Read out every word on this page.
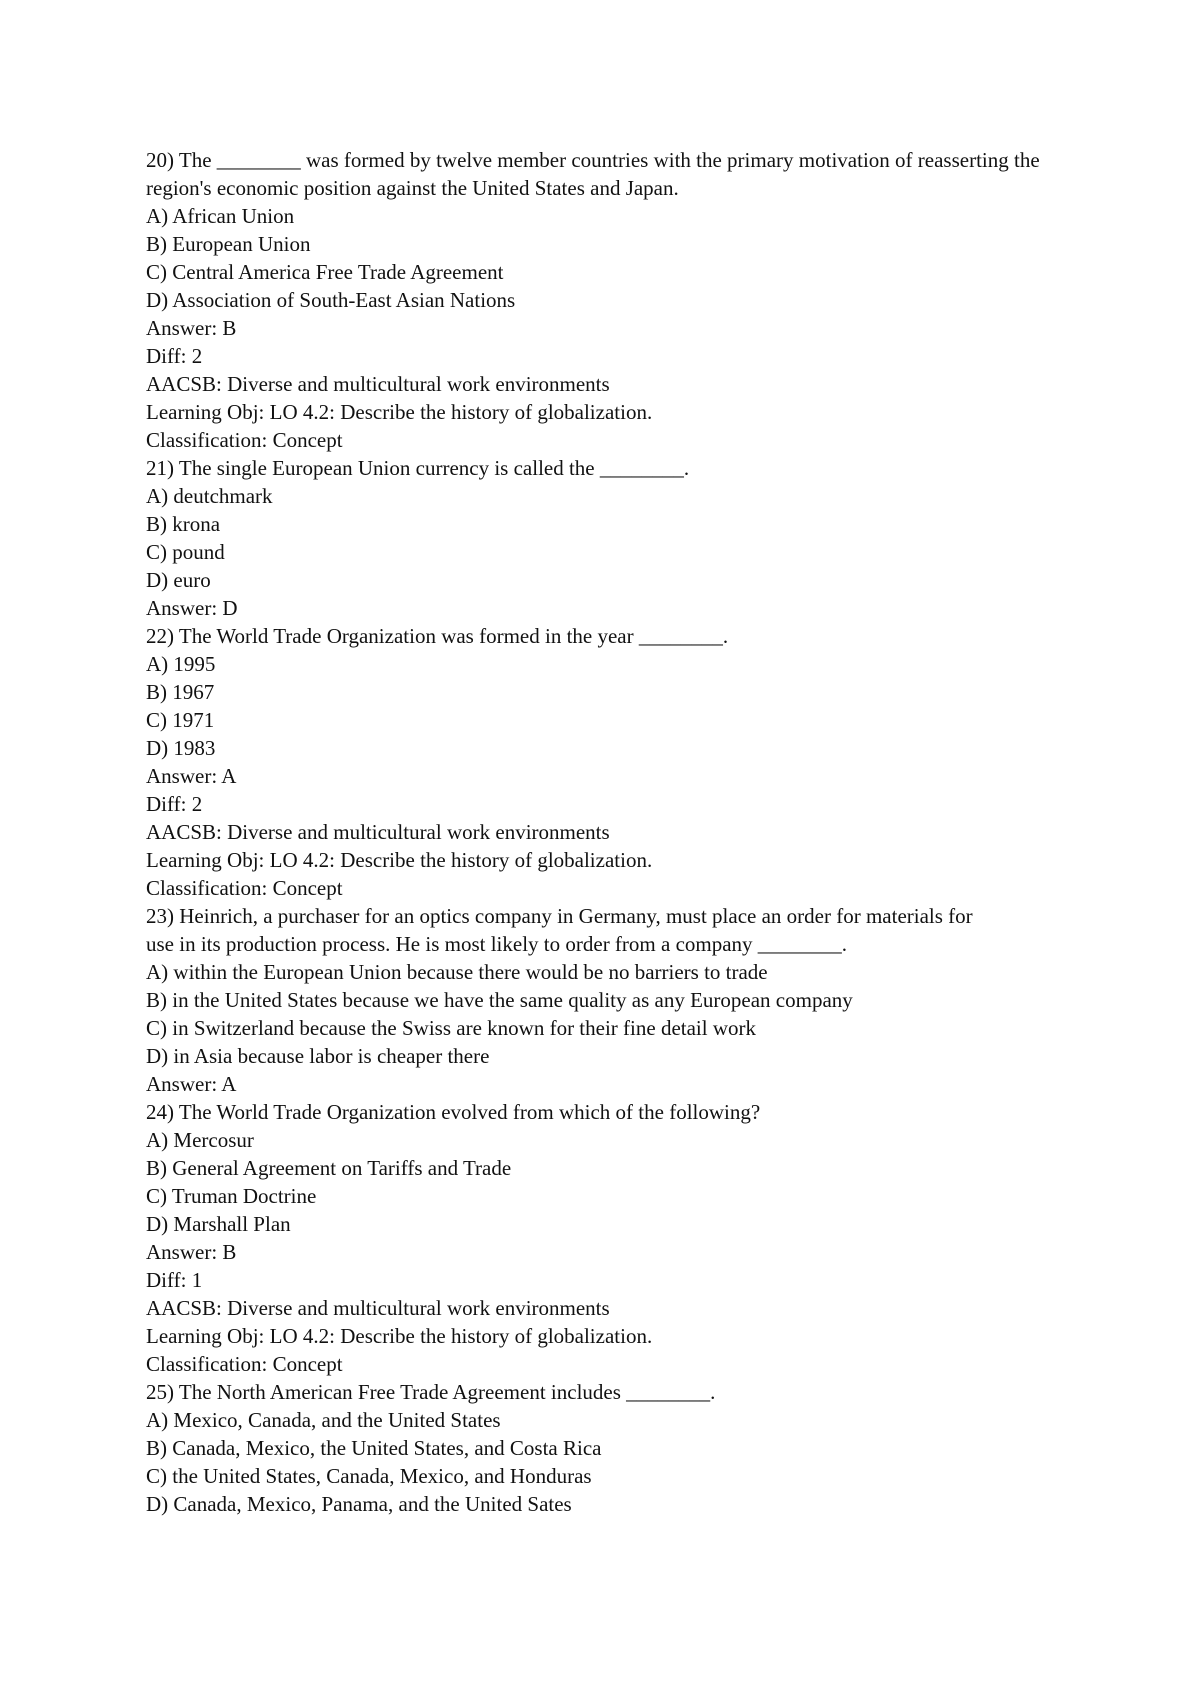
20) The ________ was formed by twelve member countries with the primary motivation of reasserting the region's economic position against the United States and Japan.
A) African Union
B) European Union
C) Central America Free Trade Agreement
D) Association of South-East Asian Nations
Answer: B
Diff: 2
AACSB: Diverse and multicultural work environments
Learning Obj: LO 4.2: Describe the history of globalization.
Classification: Concept
21) The single European Union currency is called the ________.
A) deutchmark
B) krona
C) pound
D) euro
Answer: D
22) The World Trade Organization was formed in the year ________.
A) 1995
B) 1967
C) 1971
D) 1983
Answer: A
Diff: 2
AACSB: Diverse and multicultural work environments
Learning Obj: LO 4.2: Describe the history of globalization.
Classification: Concept
23) Heinrich, a purchaser for an optics company in Germany, must place an order for materials for
use in its production process. He is most likely to order from a company ________.
A) within the European Union because there would be no barriers to trade
B) in the United States because we have the same quality as any European company
C) in Switzerland because the Swiss are known for their fine detail work
D) in Asia because labor is cheaper there
Answer: A
24) The World Trade Organization evolved from which of the following?
A) Mercosur
B) General Agreement on Tariffs and Trade
C) Truman Doctrine
D) Marshall Plan
Answer: B
Diff: 1
AACSB: Diverse and multicultural work environments
Learning Obj: LO 4.2: Describe the history of globalization.
Classification: Concept
25) The North American Free Trade Agreement includes ________.
A) Mexico, Canada, and the United States
B) Canada, Mexico, the United States, and Costa Rica
C) the United States, Canada, Mexico, and Honduras
D) Canada, Mexico, Panama, and the United Sates
